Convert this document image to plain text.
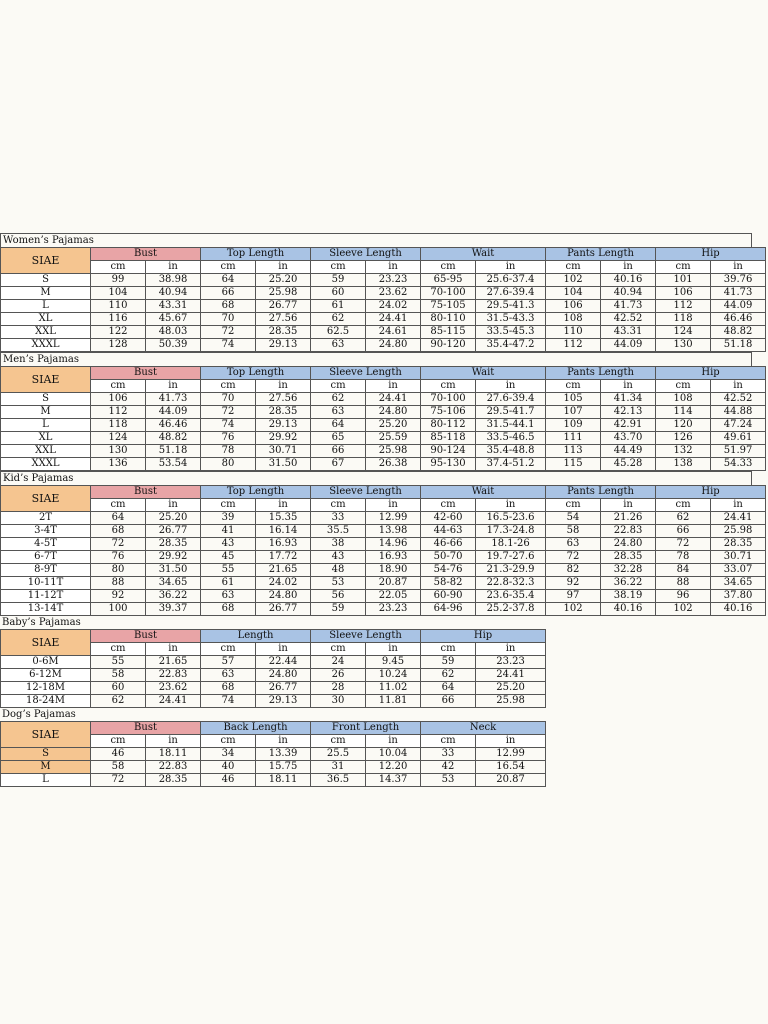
Women’s Pajamas
SIAE	Bust		Top Length		Sleeve Length		Wait		Pants Length		Hip	
	cm	in	cm	in	cm	in	cm	in	cm	in	cm	in
S	99	38.98	64	25.20	59	23.23	65-95	25.6-37.4	102	40.16	101	39.76
M	104	40.94	66	25.98	60	23.62	70-100	27.6-39.4	104	40.94	106	41.73
L	110	43.31	68	26.77	61	24.02	75-105	29.5-41.3	106	41.73	112	44.09
XL	116	45.67	70	27.56	62	24.41	80-110	31.5-43.3	108	42.52	118	46.46
XXL	122	48.03	72	28.35	62.5	24.61	85-115	33.5-45.3	110	43.31	124	48.82
XXXL	128	50.39	74	29.13	63	24.80	90-120	35.4-47.2	112	44.09	130	51.18
Men’s Pajamas
SIAE	Bust		Top Length		Sleeve Length		Wait		Pants Length		Hip	
	cm	in	cm	in	cm	in	cm	in	cm	in	cm	in
S	106	41.73	70	27.56	62	24.41	70-100	27.6-39.4	105	41.34	108	42.52
M	112	44.09	72	28.35	63	24.80	75-106	29.5-41.7	107	42.13	114	44.88
L	118	46.46	74	29.13	64	25.20	80-112	31.5-44.1	109	42.91	120	47.24
XL	124	48.82	76	29.92	65	25.59	85-118	33.5-46.5	111	43.70	126	49.61
XXL	130	51.18	78	30.71	66	25.98	90-124	35.4-48.8	113	44.49	132	51.97
XXXL	136	53.54	80	31.50	67	26.38	95-130	37.4-51.2	115	45.28	138	54.33
Kid’s Pajamas
SIAE	Bust		Top Length		Sleeve Length		Wait		Pants Length		Hip	
	cm	in	cm	in	cm	in	cm	in	cm	in	cm	in
2T	64	25.20	39	15.35	33	12.99	42-60	16.5-23.6	54	21.26	62	24.41
3-4T	68	26.77	41	16.14	35.5	13.98	44-63	17.3-24.8	58	22.83	66	25.98
4-5T	72	28.35	43	16.93	38	14.96	46-66	18.1-26	63	24.80	72	28.35
6-7T	76	29.92	45	17.72	43	16.93	50-70	19.7-27.6	72	28.35	78	30.71
8-9T	80	31.50	55	21.65	48	18.90	54-76	21.3-29.9	82	32.28	84	33.07
10-11T	88	34.65	61	24.02	53	20.87	58-82	22.8-32.3	92	36.22	88	34.65
11-12T	92	36.22	63	24.80	56	22.05	60-90	23.6-35.4	97	38.19	96	37.80
13-14T	100	39.37	68	26.77	59	23.23	64-96	25.2-37.8	102	40.16	102	40.16
Baby’s Pajamas
SIAE	Bust		Length		Sleeve Length		Hip	
	cm	in	cm	in	cm	in	cm	in
0-6M	55	21.65	57	22.44	24	9.45	59	23.23
6-12M	58	22.83	63	24.80	26	10.24	62	24.41
12-18M	60	23.62	68	26.77	28	11.02	64	25.20
18-24M	62	24.41	74	29.13	30	11.81	66	25.98
Dog’s Pajamas
SIAE	Bust		Back Length		Front Length		Neck	
	cm	in	cm	in	cm	in	cm	in
S	46	18.11	34	13.39	25.5	10.04	33	12.99
M	58	22.83	40	15.75	31	12.20	42	16.54
L	72	28.35	46	18.11	36.5	14.37	53	20.87
